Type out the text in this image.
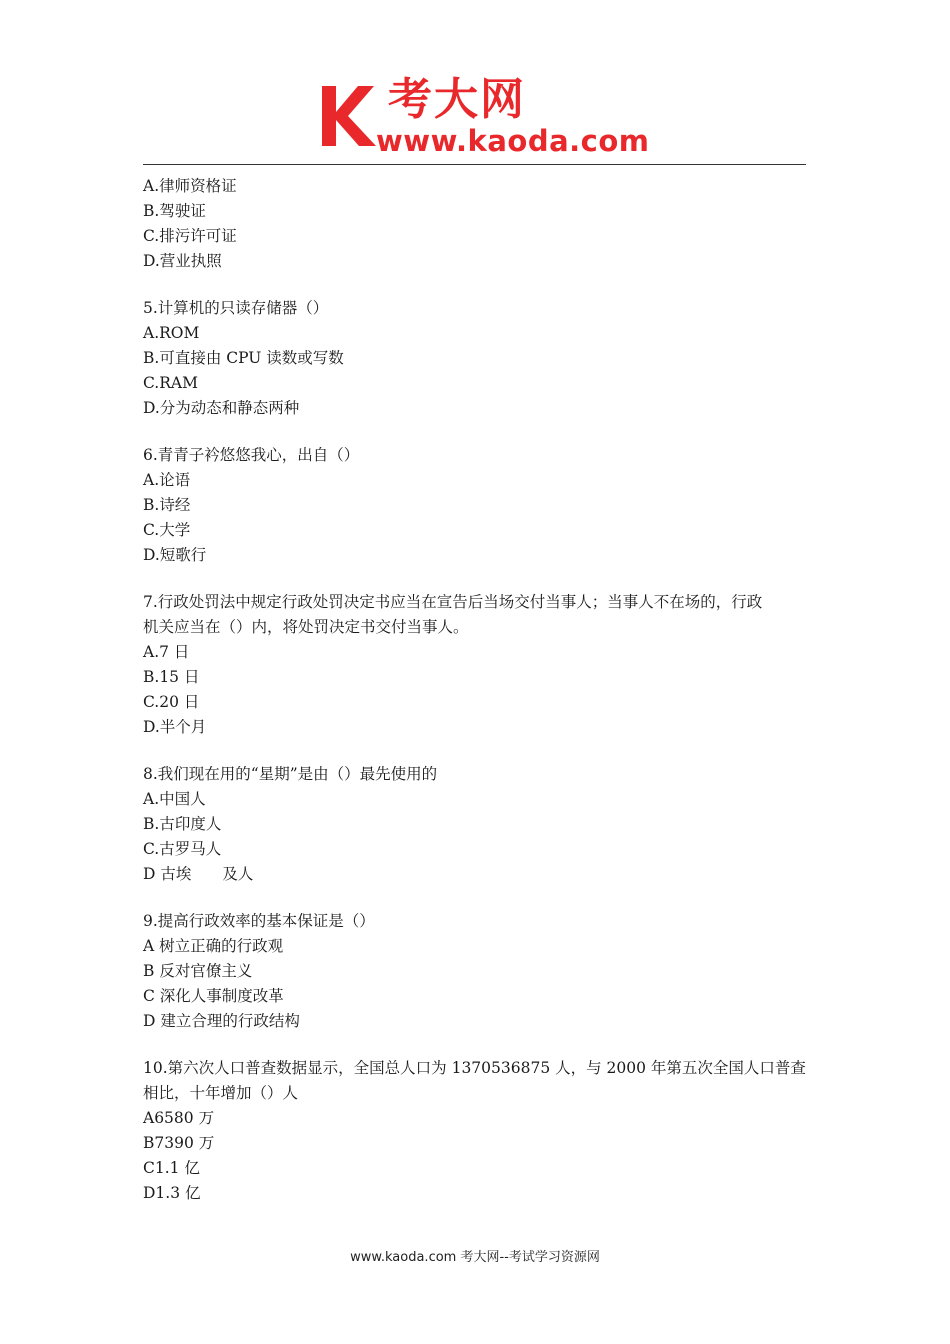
考大网
www.kaoda.com
A.律师资格证
B.驾驶证
C.排污许可证
D.营业执照
5.计算机的只读存储器（）
A.ROM
B.可直接由 CPU 读数或写数
C.RAM
D.分为动态和静态两种
6.青青子衿悠悠我心，出自（）
A.论语
B.诗经
C.大学
D.短歌行
7.行政处罚法中规定行政处罚决定书应当在宣告后当场交付当事人；当事人不在场的，行政
机关应当在（）内，将处罚决定书交付当事人。
A.7 日
B.15 日
C.20 日
D.半个月
8.我们现在用的“星期”是由（）最先使用的
A.中国人
B.古印度人
C.古罗马人
D 古埃　　及人
9.提高行政效率的基本保证是（）
A 树立正确的行政观
B 反对官僚主义
C 深化人事制度改革
D 建立合理的行政结构
10.第六次人口普查数据显示，全国总人口为 1370536875 人，与 2000 年第五次全国人口普查
相比，十年增加（）人
A6580 万
B7390 万
C1.1 亿
D1.3 亿
www.kaoda.com 考大网--考试学习资源网
